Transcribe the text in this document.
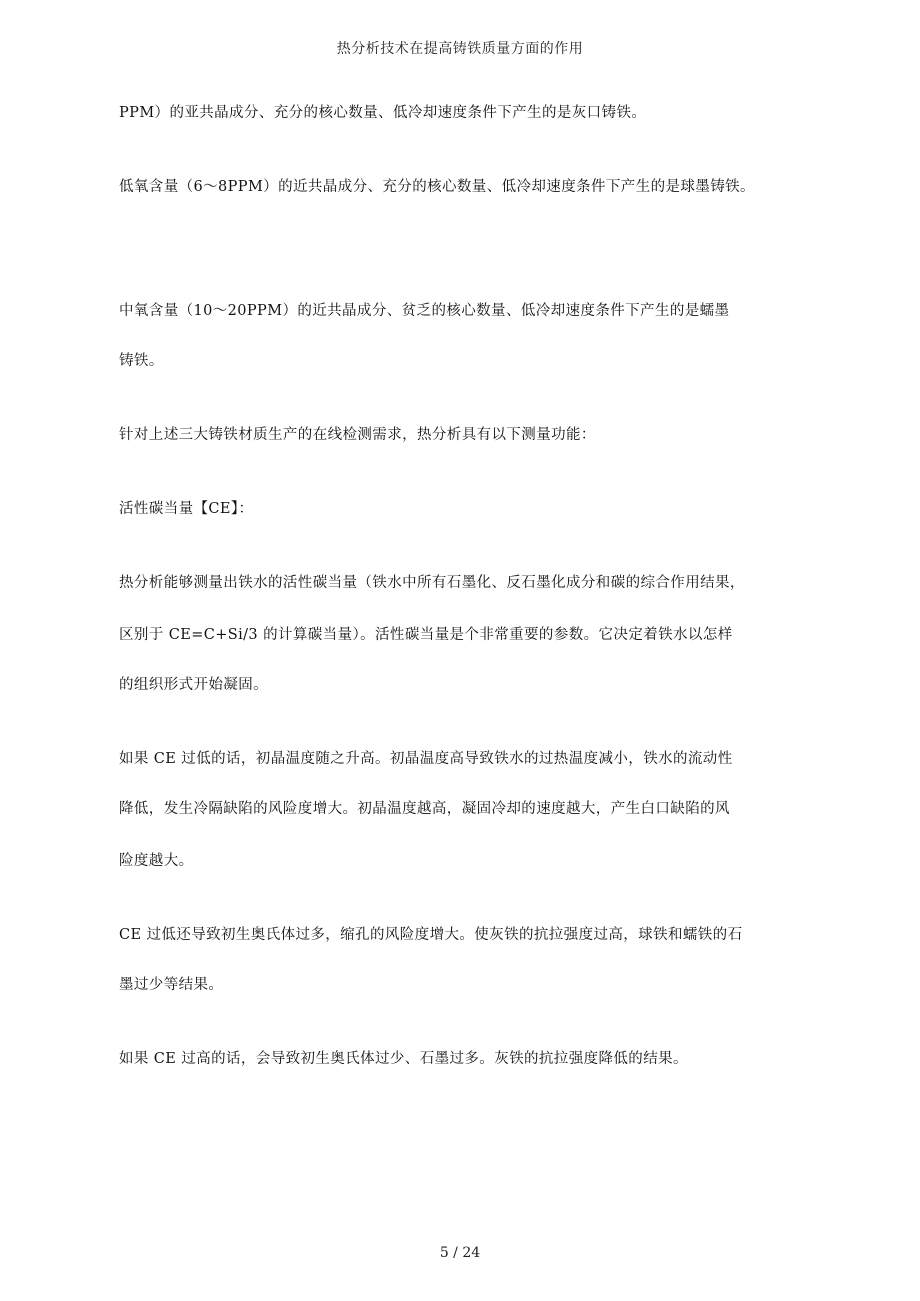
热分析技术在提高铸铁质量方面的作用
PPM）的亚共晶成分、充分的核心数量、低冷却速度条件下产生的是灰口铸铁。
低氧含量（6～8PPM）的近共晶成分、充分的核心数量、低冷却速度条件下产生的是球墨铸铁。
中氧含量（10～20PPM）的近共晶成分、贫乏的核心数量、低冷却速度条件下产生的是蠕墨
铸铁。
针对上述三大铸铁材质生产的在线检测需求，热分析具有以下测量功能：
活性碳当量【CE】：
热分析能够测量出铁水的活性碳当量（铁水中所有石墨化、反石墨化成分和碳的综合作用结果，
区别于 CE=C+Si/3 的计算碳当量）。活性碳当量是个非常重要的参数。它决定着铁水以怎样
的组织形式开始凝固。
如果 CE 过低的话，初晶温度随之升高。初晶温度高导致铁水的过热温度减小，铁水的流动性
降低，发生冷隔缺陷的风险度增大。初晶温度越高，凝固冷却的速度越大，产生白口缺陷的风
险度越大。
CE 过低还导致初生奥氏体过多，缩孔的风险度增大。使灰铁的抗拉强度过高，球铁和蠕铁的石
墨过少等结果。
如果 CE 过高的话，会导致初生奥氏体过少、石墨过多。灰铁的抗拉强度降低的结果。
5 / 24
